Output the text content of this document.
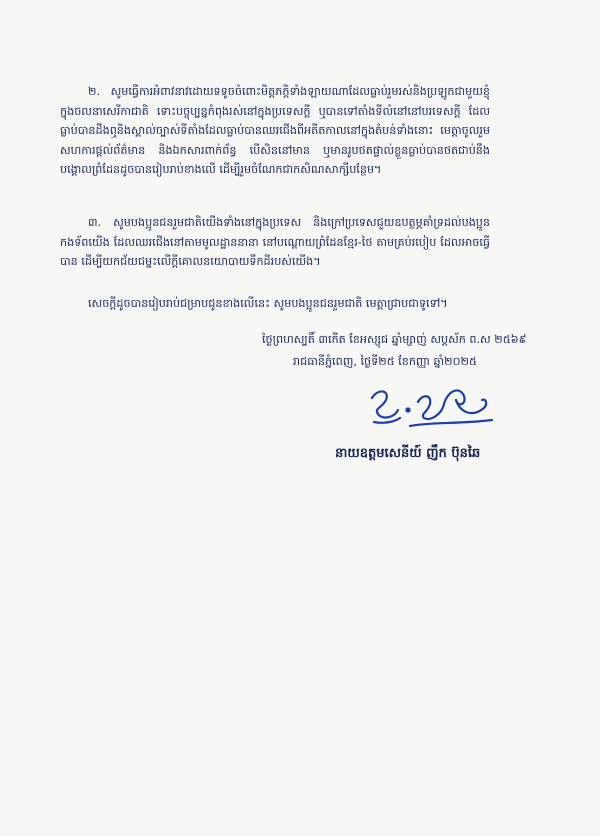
២. សូមធ្វើការអំពាវនាវដោយទទូចចំពោះមិត្តភក្តិទាំងឡាយណាដែលធ្លាប់រួមរស់និងប្រឡូកជាមួយខ្ញុំក្នុងចលនាសេរីកាជាតិ ទោះបច្ចុប្បន្នកំពុងរស់នៅក្នុងប្រទេសក្តី ឬបានទៅតាំងទីលំនៅនៅបរទេសក្តី ដែលធ្លាប់បានដឹងឮនិងស្គាល់ច្បាស់ទីតាំងដែលធ្លាប់បានឈរជើងពីអតីតកាលនៅក្នុងតំបន់ទាំងនោះ មេត្តាចូលរួមសហការផ្តល់ព័ត៌មាន និងឯកសារពាក់ព័ន្ធ បើសិននៅមាន ឬមានរូបថតផ្ទាល់ខ្លួនធ្លាប់បានថតជាប់នឹងបង្គោលព្រំដែនដូចបានរៀបរាប់ខាងលើ ដើម្បីរួមចំណែកជាកសិណសាក្សីបន្ថែម។
៣. សូមបងប្អូនជនរួមជាតិយើងទាំងនៅក្នុងប្រទេស និងក្រៅប្រទេសជួយឧបត្ថម្ភគាំទ្រដល់បងប្អូនកងទ័ពយើង ដែលឈរជើងនៅតាមមូលដ្ឋាននានា នៅបណ្តោយព្រំដែនខ្មែរ-ថៃ តាមគ្រប់របៀប ដែលអាចធ្វើបាន ដើម្បីយកជ័យជម្នះលើក្តីគោលនយោបាយទឹកដីរបស់យើង។
សេចក្តីដូចបានរៀបរាប់ជម្រាបជូនខាងលើនេះ សូមបងប្អូនជនរួមជាតិ មេត្តាជ្រាបជាទូទៅ។
ថ្ងៃព្រហស្បតិ៍ ៣កើត ខែអស្សុជ ឆ្នាំម្សាញ់ សប្តស័ក ព.ស ២៥៦៩
រាជធានីភ្នំពេញ, ថ្ងៃទី២៥ ខែកញ្ញា ឆ្នាំ២០២៥
នាយឧត្តមសេនីយ៍ ញឹក ប៊ុនឆៃ
